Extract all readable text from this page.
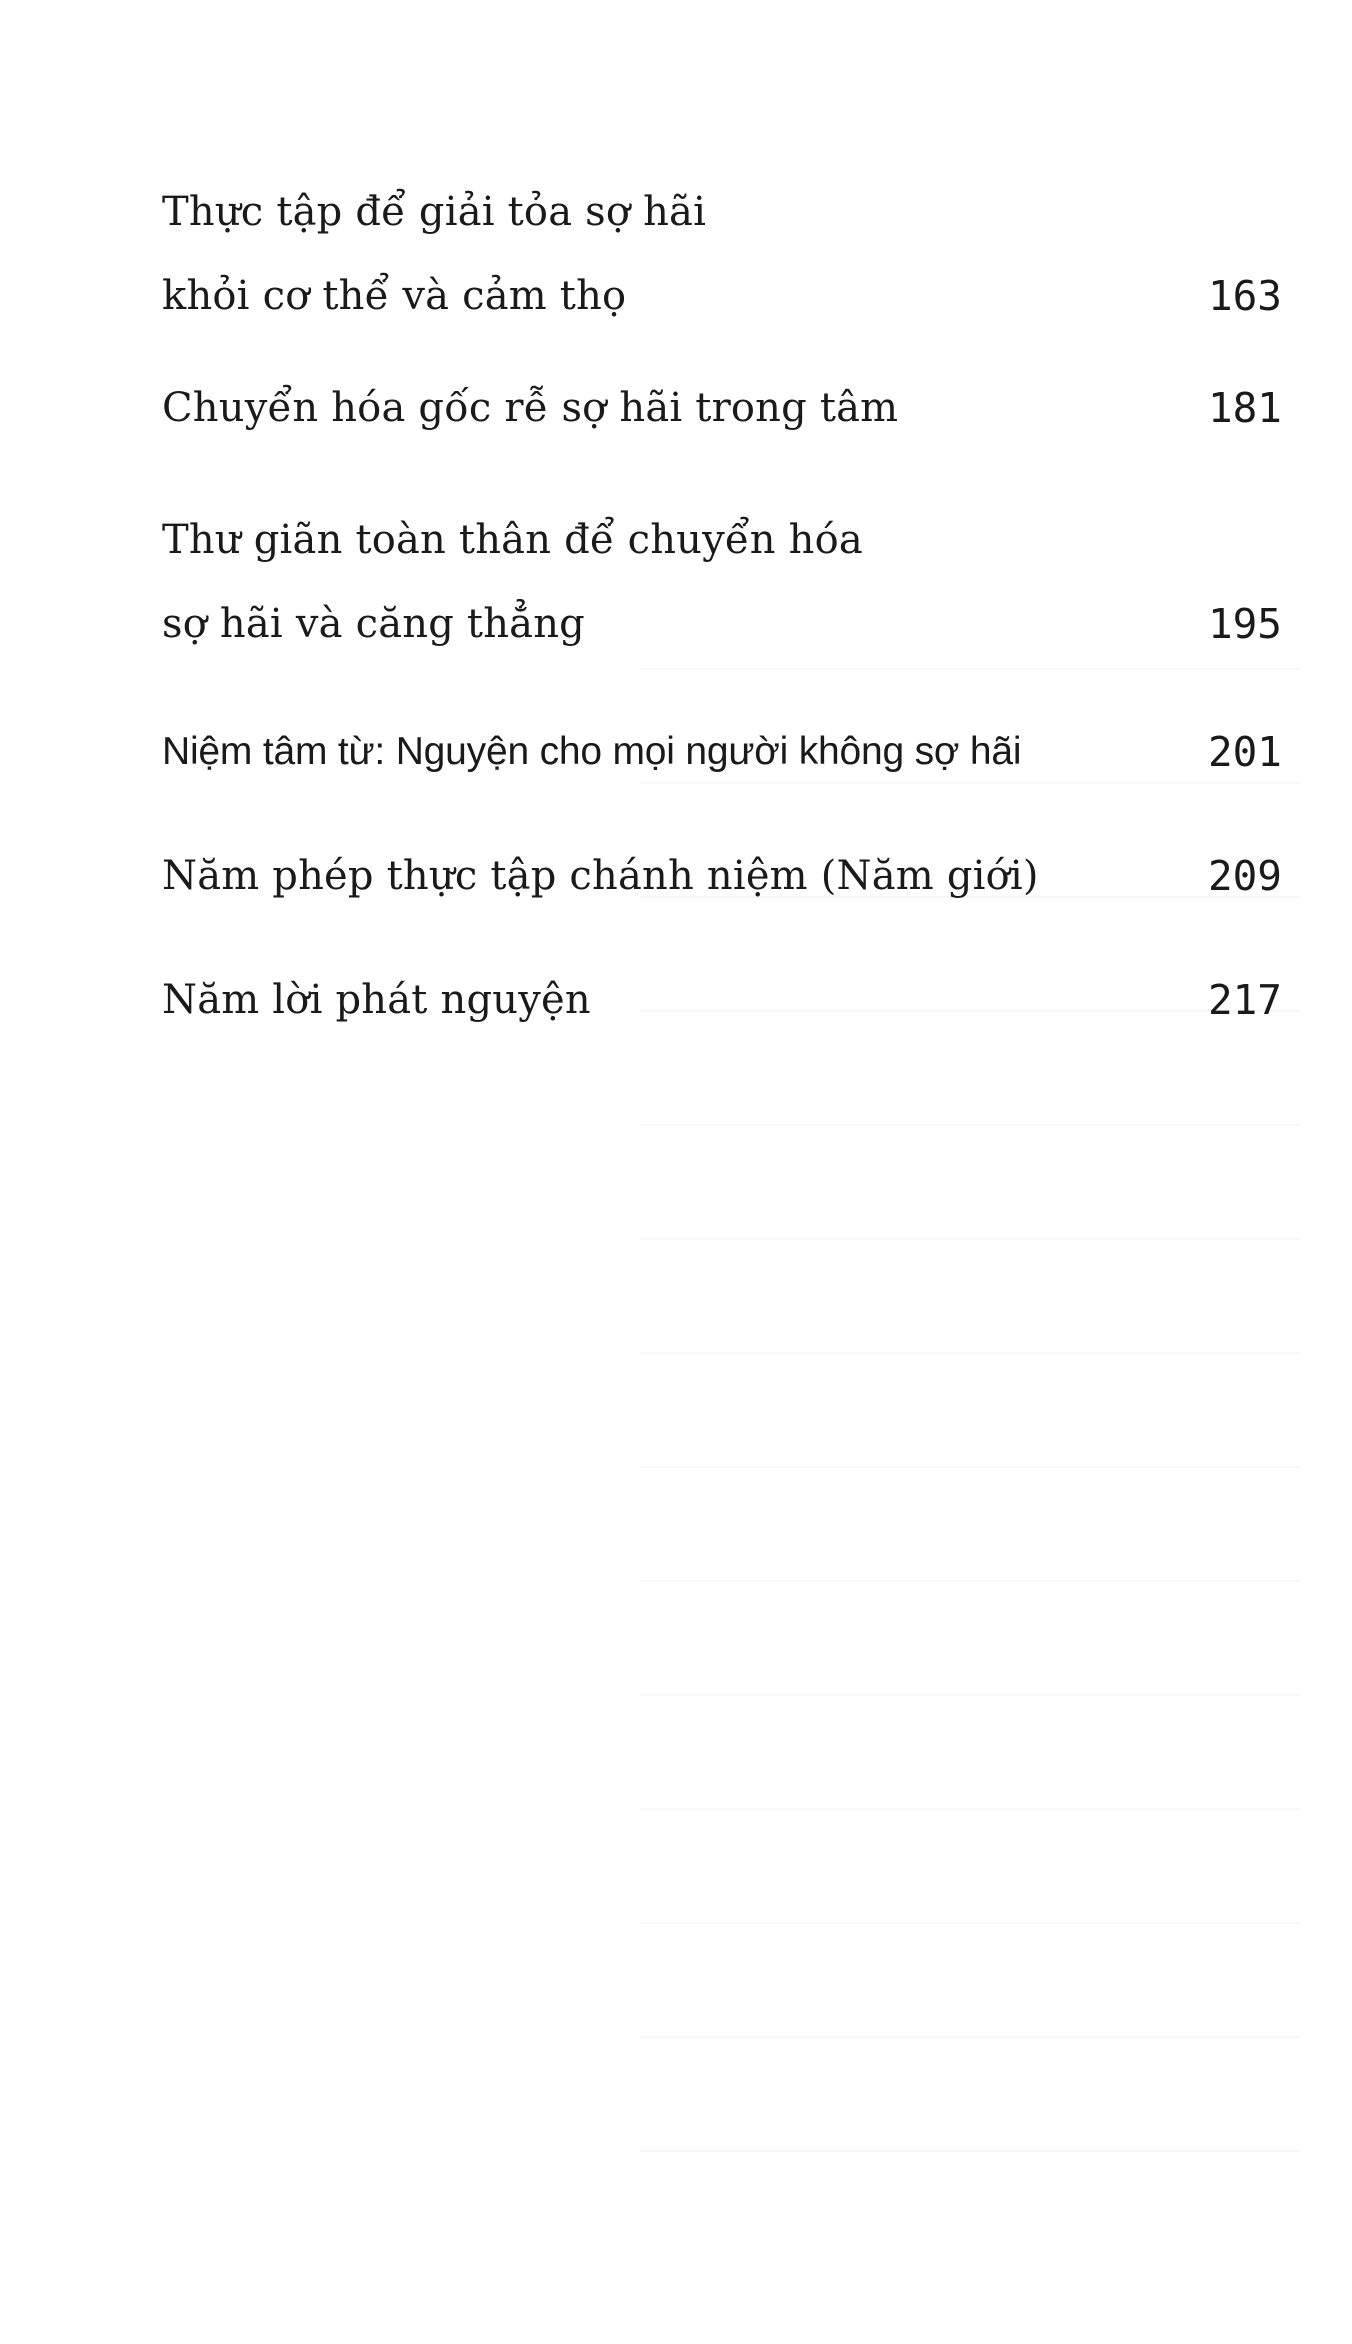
Thực tập để giải tỏa sợ hãi
khỏi cơ thể và cảm thọ	163
Chuyển hóa gốc rễ sợ hãi trong tâm	181
Thư giãn toàn thân để chuyển hóa
sợ hãi và căng thẳng	195
Niệm tâm từ: Nguyện cho mọi người không sợ hãi	201
Năm phép thực tập chánh niệm (Năm giới)	209
Năm lời phát nguyện	217
